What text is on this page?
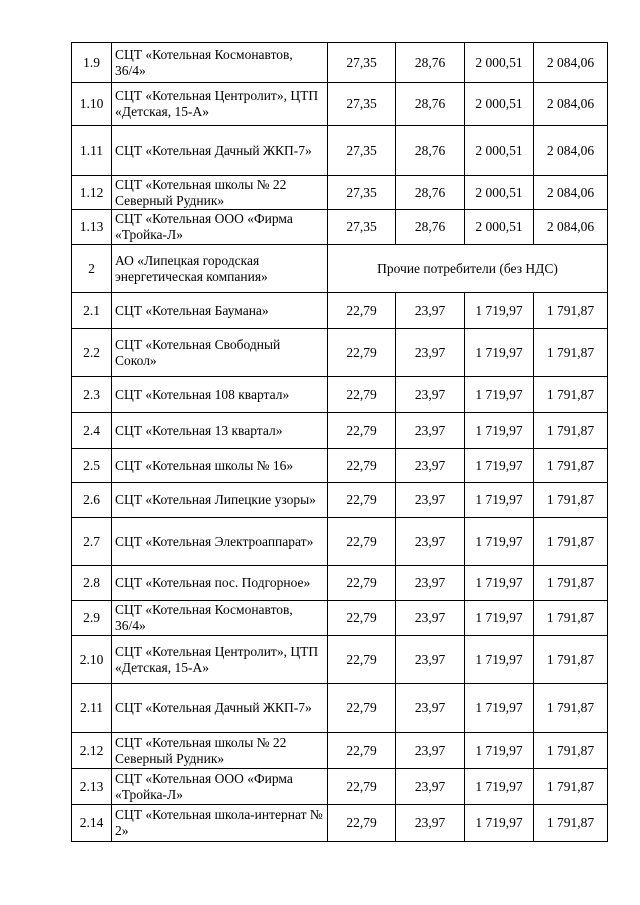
1.9	СЦТ «Котельная Космонавтов, 36/4»	27,35	28,76	2 000,51	2 084,06
1.10	СЦТ «Котельная Центролит», ЦТП «Детская, 15-А»	27,35	28,76	2 000,51	2 084,06
1.11	СЦТ «Котельная Дачный ЖКП-7»	27,35	28,76	2 000,51	2 084,06
1.12	СЦТ «Котельная школы № 22 Северный Рудник»	27,35	28,76	2 000,51	2 084,06
1.13	СЦТ «Котельная ООО «Фирма «Тройка-Л»	27,35	28,76	2 000,51	2 084,06
2	АО «Липецкая городская энергетическая компания»	Прочие потребители (без НДС)			
2.1	СЦТ «Котельная Баумана»	22,79	23,97	1 719,97	1 791,87
2.2	СЦТ «Котельная Свободный Сокол»	22,79	23,97	1 719,97	1 791,87
2.3	СЦТ «Котельная 108 квартал»	22,79	23,97	1 719,97	1 791,87
2.4	СЦТ «Котельная 13 квартал»	22,79	23,97	1 719,97	1 791,87
2.5	СЦТ «Котельная школы № 16»	22,79	23,97	1 719,97	1 791,87
2.6	СЦТ «Котельная Липецкие узоры»	22,79	23,97	1 719,97	1 791,87
2.7	СЦТ «Котельная Электроаппарат»	22,79	23,97	1 719,97	1 791,87
2.8	СЦТ «Котельная пос. Подгорное»	22,79	23,97	1 719,97	1 791,87
2.9	СЦТ «Котельная Космонавтов, 36/4»	22,79	23,97	1 719,97	1 791,87
2.10	СЦТ «Котельная Центролит», ЦТП «Детская, 15-А»	22,79	23,97	1 719,97	1 791,87
2.11	СЦТ «Котельная Дачный ЖКП-7»	22,79	23,97	1 719,97	1 791,87
2.12	СЦТ «Котельная школы № 22 Северный Рудник»	22,79	23,97	1 719,97	1 791,87
2.13	СЦТ «Котельная ООО «Фирма «Тройка-Л»	22,79	23,97	1 719,97	1 791,87
2.14	СЦТ «Котельная школа-интернат № 2»	22,79	23,97	1 719,97	1 791,87
